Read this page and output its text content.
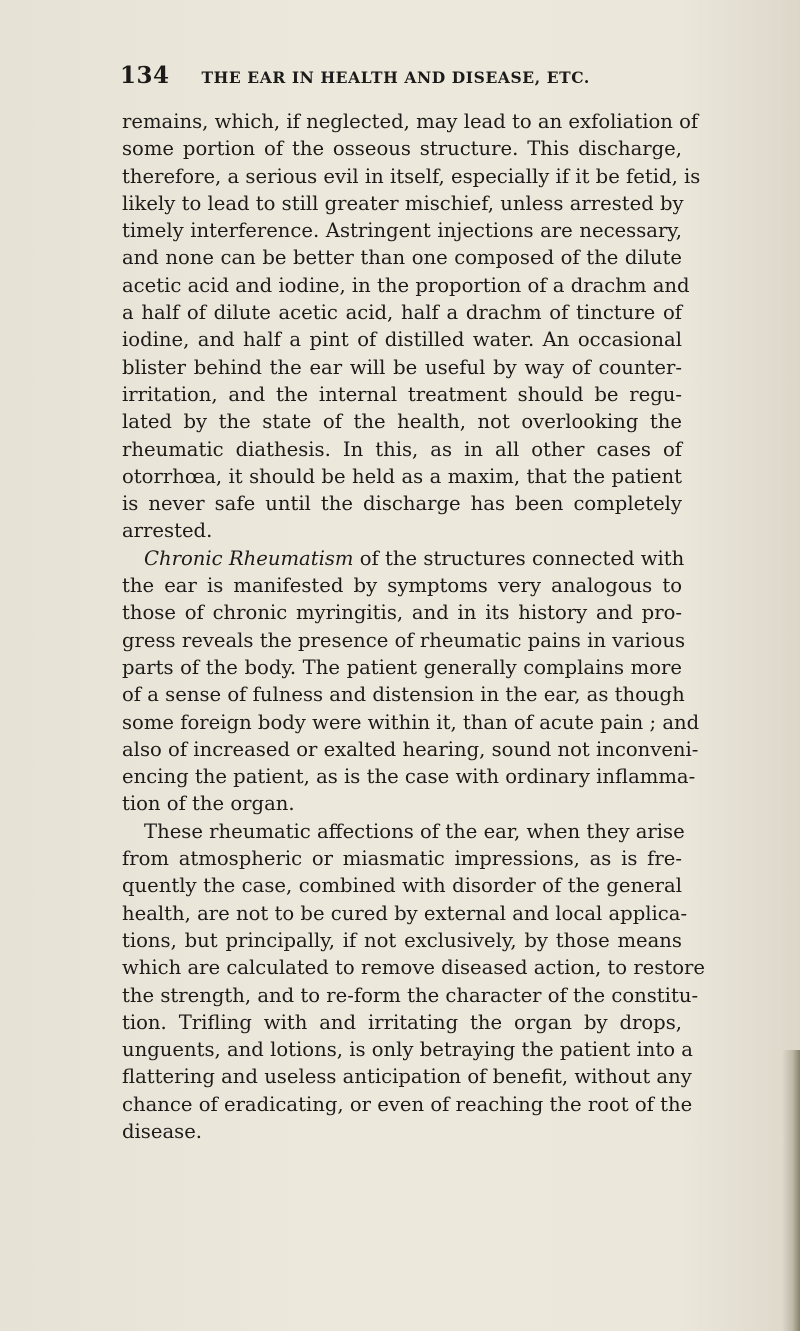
134 THE EAR IN HEALTH AND DISEASE, ETC.
remains, which, if neglected, may lead to an exfoliation of
some portion of the osseous structure. This discharge,
therefore, a serious evil in itself, especially if it be fetid, is
likely to lead to still greater mischief, unless arrested by
timely interference. Astringent injections are necessary,
and none can be better than one composed of the dilute
acetic acid and iodine, in the proportion of a drachm and
a half of dilute acetic acid, half a drachm of tincture of
iodine, and half a pint of distilled water. An occasional
blister behind the ear will be useful by way of counter-
irritation, and the internal treatment should be regu-
lated by the state of the health, not overlooking the
rheumatic diathesis. In this, as in all other cases of
otorrhœa, it should be held as a maxim, that the patient
is never safe until the discharge has been completely
arrested.
Chronic Rheumatism of the structures connected with
the ear is manifested by symptoms very analogous to
those of chronic myringitis, and in its history and pro-
gress reveals the presence of rheumatic pains in various
parts of the body. The patient generally complains more
of a sense of fulness and distension in the ear, as though
some foreign body were within it, than of acute pain ; and
also of increased or exalted hearing, sound not inconveni-
encing the patient, as is the case with ordinary inflamma-
tion of the organ.
These rheumatic affections of the ear, when they arise
from atmospheric or miasmatic impressions, as is fre-
quently the case, combined with disorder of the general
health, are not to be cured by external and local applica-
tions, but principally, if not exclusively, by those means
which are calculated to remove diseased action, to restore
the strength, and to re-form the character of the constitu-
tion. Trifling with and irritating the organ by drops,
unguents, and lotions, is only betraying the patient into a
flattering and useless anticipation of benefit, without any
chance of eradicating, or even of reaching the root of the
disease.
